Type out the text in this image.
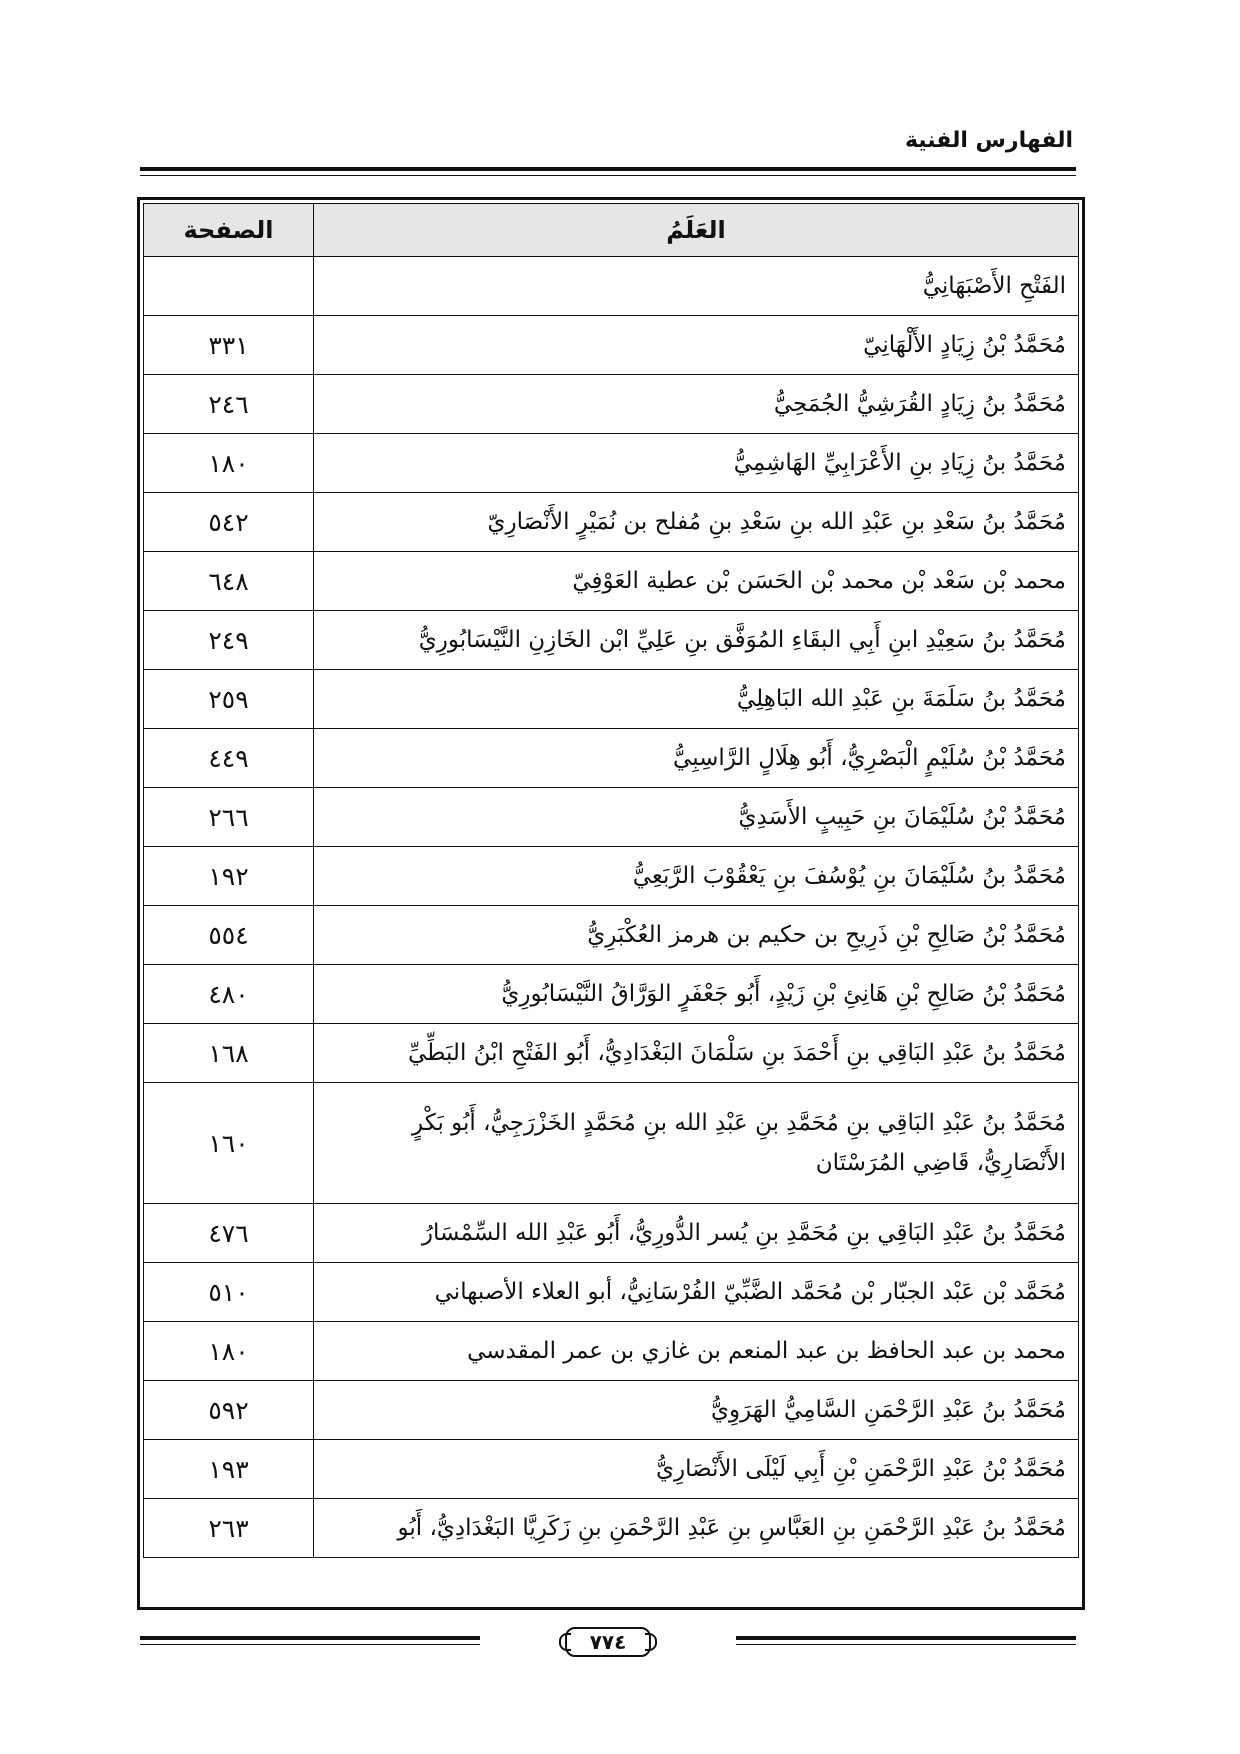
الفهارس الفنية
العَلَمُ	الصفحة
الفَتْحِ الأَصْبَهَانِيُّ	
مُحَمَّدُ بْنُ زِيَادٍ الأَلْهَانِيّ	٣٣١
مُحَمَّدُ بنُ زِيَادٍ القُرَشِيُّ الجُمَحِيُّ	٢٤٦
مُحَمَّدُ بنُ زِيَادِ بنِ الأَعْرَابِيِّ الهَاشِمِيُّ	١٨٠
مُحَمَّدُ بنُ سَعْدِ بنِ عَبْدِ الله بنِ سَعْدِ بنِ مُفلح بن نُمَيْرٍ الأَنْصَارِيّ	٥٤٢
محمد بْن سَعْد بْن محمد بْن الحَسَن بْن عطية العَوْفِيّ	٦٤٨
مُحَمَّدُ بنُ سَعِيْدِ ابنِ أَبِي البقَاءِ المُوَفَّق بنِ عَلِيِّ ابْن الخَازِنِ النَّيْسَابُورِيُّ	٢٤٩
مُحَمَّدُ بنُ سَلَمَةَ بنِ عَبْدِ الله البَاهِلِيُّ	٢٥٩
مُحَمَّدُ بْنُ سُلَيْمٍ الْبَصْرِيُّ، أَبُو هِلَالٍ الرَّاسِبِيُّ	٤٤٩
مُحَمَّدُ بْنُ سُلَيْمَانَ بنِ حَبِيبٍ الأَسَدِيُّ	٢٦٦
مُحَمَّدُ بنُ سُلَيْمَانَ بنِ يُوْسُفَ بنِ يَعْقُوْبَ الرَّبَعِيُّ	١٩٢
مُحَمَّدُ بْنُ صَالِحِ بْنِ ذَرِيحِ بن حكيم بن هرمز العُكْبَرِيُّ	٥٥٤
مُحَمَّدُ بْنُ صَالِحِ بْنِ هَانِئِ بْنِ زَيْدٍ، أَبُو جَعْفَرٍ الوَرَّاقُ النَّيْسَابُورِيُّ	٤٨٠
مُحَمَّدُ بنُ عَبْدِ البَاقِي بنِ أَحْمَدَ بنِ سَلْمَانَ البَغْدَادِيُّ، أَبُو الفَتْحِ ابْنُ البَطِّيِّ	١٦٨
مُحَمَّدُ بنُ عَبْدِ البَاقِي بنِ مُحَمَّدِ بنِ عَبْدِ الله بنِ مُحَمَّدٍ الخَزْرَجِيُّ، أَبُو بَكْرٍ الأَنْصَارِيُّ، قَاضِي المُرَسْتَان	١٦٠
مُحَمَّدُ بنُ عَبْدِ البَاقِي بنِ مُحَمَّدِ بنِ يُسر الدُّورِيُّ، أَبُو عَبْدِ الله السِّمْسَارُ	٤٧٦
مُحَمَّد بْن عَبْد الجبّار بْن مُحَمَّد الضَّبِّيّ الفُرْسَانِيُّ، أبو العلاء الأصبهاني	٥١٠
محمد بن عبد الحافظ بن عبد المنعم بن غازي بن عمر المقدسي	١٨٠
مُحَمَّدُ بنُ عَبْدِ الرَّحْمَنِ السَّامِيُّ الهَرَوِيُّ	٥٩٢
مُحَمَّدُ بْنُ عَبْدِ الرَّحْمَنِ بْنِ أَبِي لَيْلَى الأَنْصَارِيُّ	١٩٣
مُحَمَّدُ بنُ عَبْدِ الرَّحْمَنِ بنِ العَبَّاسِ بنِ عَبْدِ الرَّحْمَنِ بنِ زَكَرِيَّا البَغْدَادِيُّ، أَبُو	٢٦٣
٧٧٤
